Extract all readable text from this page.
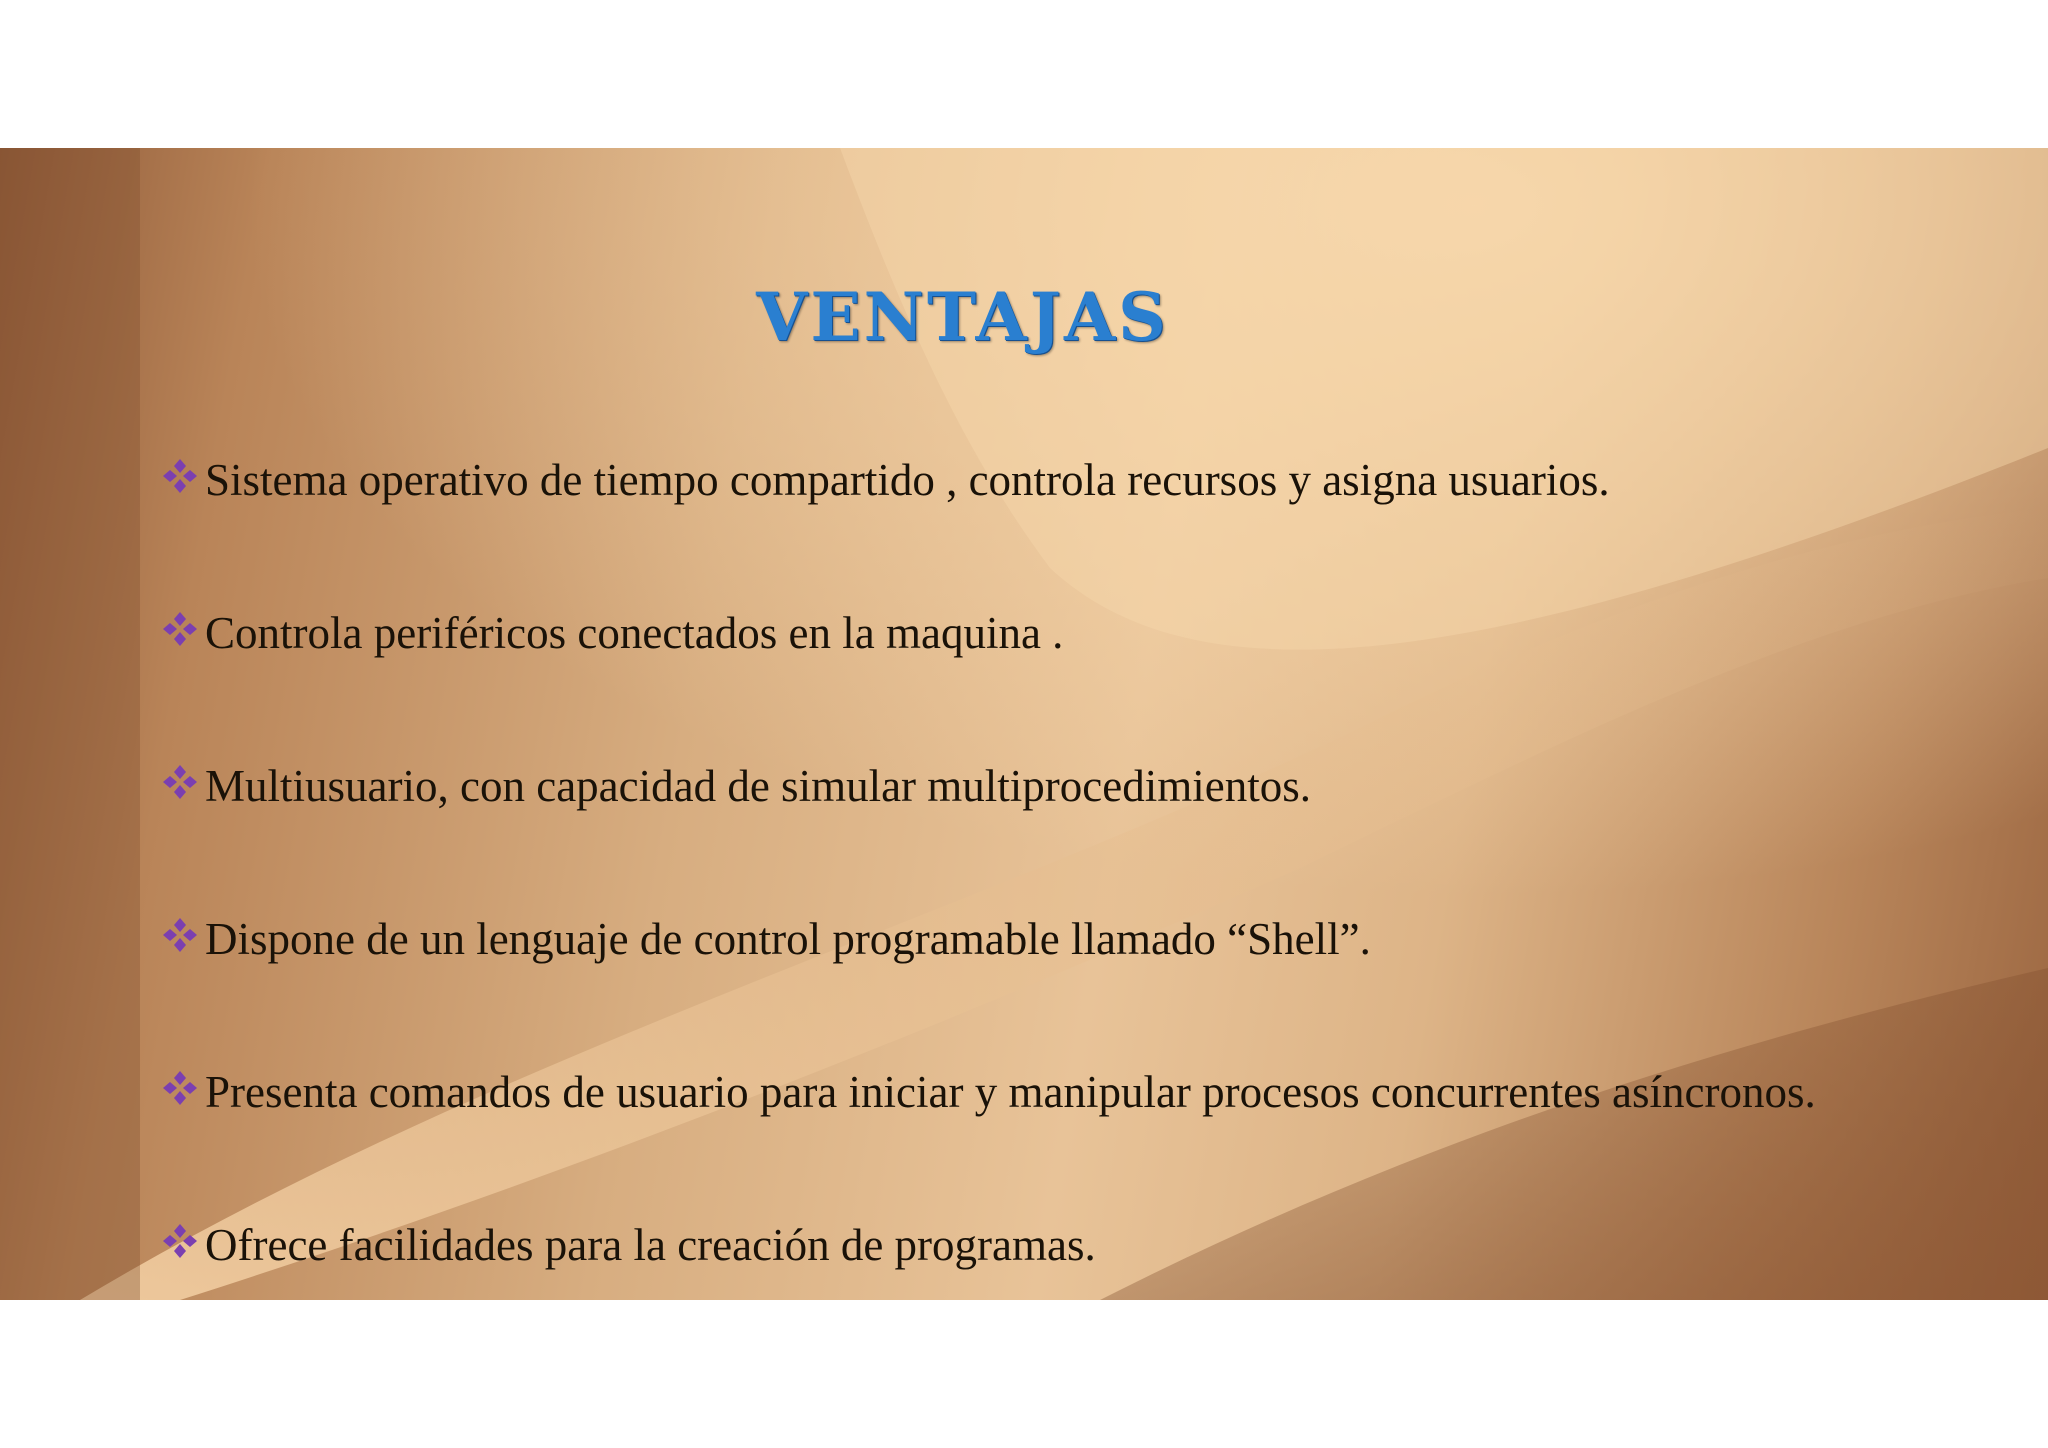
VENTAJAS
Sistema operativo de tiempo compartido , controla recursos y asigna usuarios.
Controla periféricos conectados en la maquina .
Multiusuario, con capacidad de simular multiprocedimientos.
Dispone de un lenguaje de control programable llamado “Shell”.
Presenta comandos de usuario para iniciar y manipular procesos concurrentes asíncronos.
Ofrece facilidades para la creación de programas.
